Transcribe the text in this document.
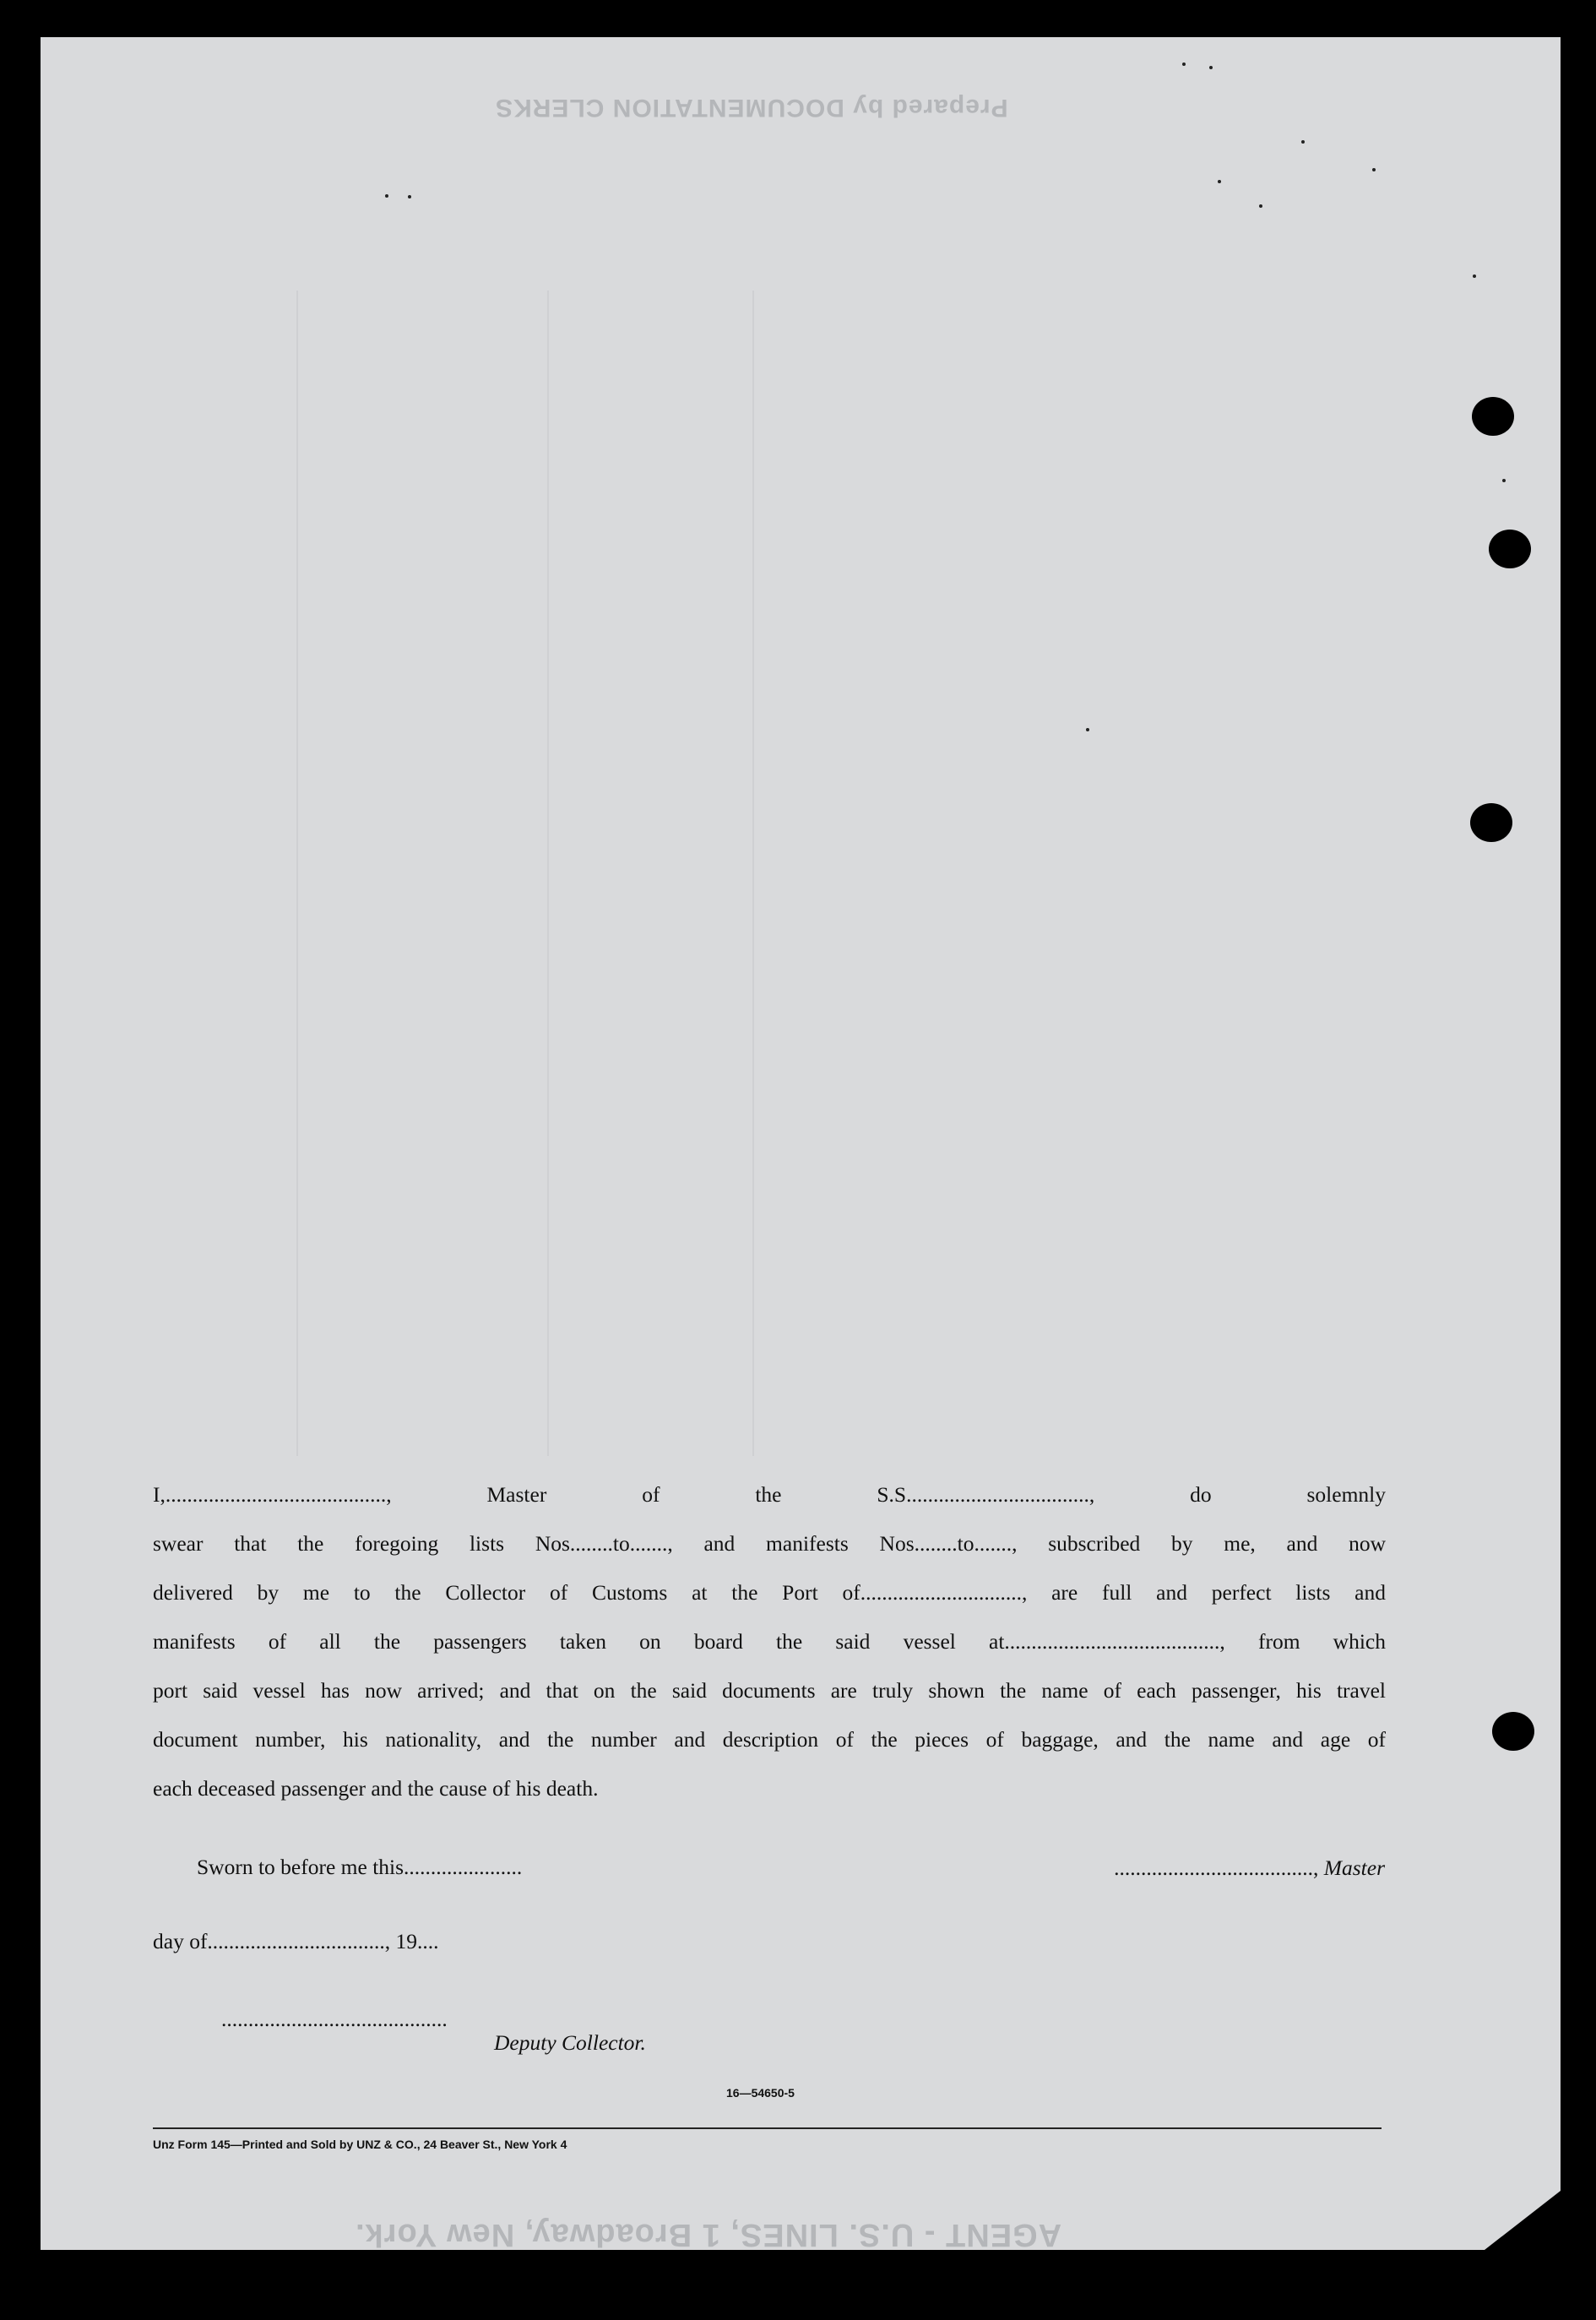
Prepared by DOCUMENTATION CLERKS
AGENT - U.S. LINES, 1 Broadway, New York.
I,........................................., Master of the S.S.................................., do solemnly
swear that the foregoing lists Nos........to......., and manifests Nos........to......., subscribed by me, and now
delivered by me to the Collector of Customs at the Port of.............................., are full and perfect lists and
manifests of all the passengers taken on board the said vessel at........................................, from which
port said vessel has now arrived; and that on the said documents are truly shown the name of each passenger, his travel
document number, his nationality, and the number and description of the pieces of baggage, and the name and age of
each deceased passenger and the cause of his death.
Sworn to before me this......................	....................................., Master
day of................................., 19....
..........................................
Deputy Collector.
16—54650-5
Unz Form 145—Printed and Sold by UNZ & CO., 24 Beaver St., New York 4
